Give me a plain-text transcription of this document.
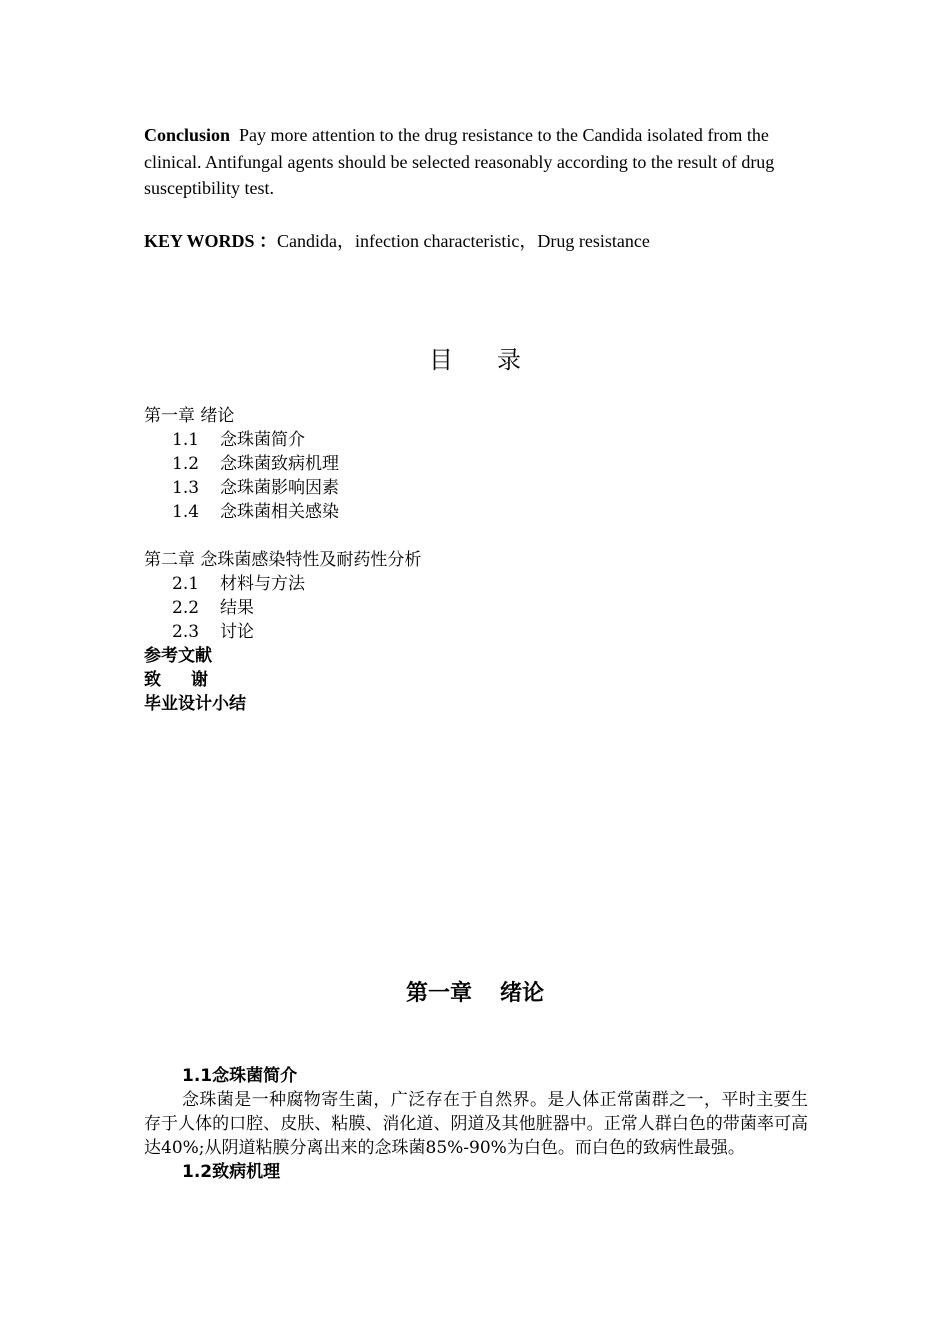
Conclusion Pay more attention to the drug resistance to the Candida isolated from the clinical. Antifungal agents should be selected reasonably according to the result of drug susceptibility test.
KEY WORDS ：Candida，infection characteristic，Drug resistance
目 录
第一章 绪论
1.1 念珠菌简介
1.2 念珠菌致病机理
1.3 念珠菌影响因素
1.4 念珠菌相关感染
第二章 念珠菌感染特性及耐药性分析
2.1 材料与方法
2.2 结果
2.3 讨论
参考文献
致 谢
毕业设计小结
第一章 绪论
1.1念珠菌简介

念珠菌是一种腐物寄生菌，广泛存在于自然界。是人体正常菌群之一，平时主要生存于人体的口腔、皮肤、粘膜、消化道、阴道及其他脏器中。正常人群白色的带菌率可高达40%;从阴道粘膜分离出来的念珠菌85%-90%为白色。而白色的致病性最强。

1.2致病机理
